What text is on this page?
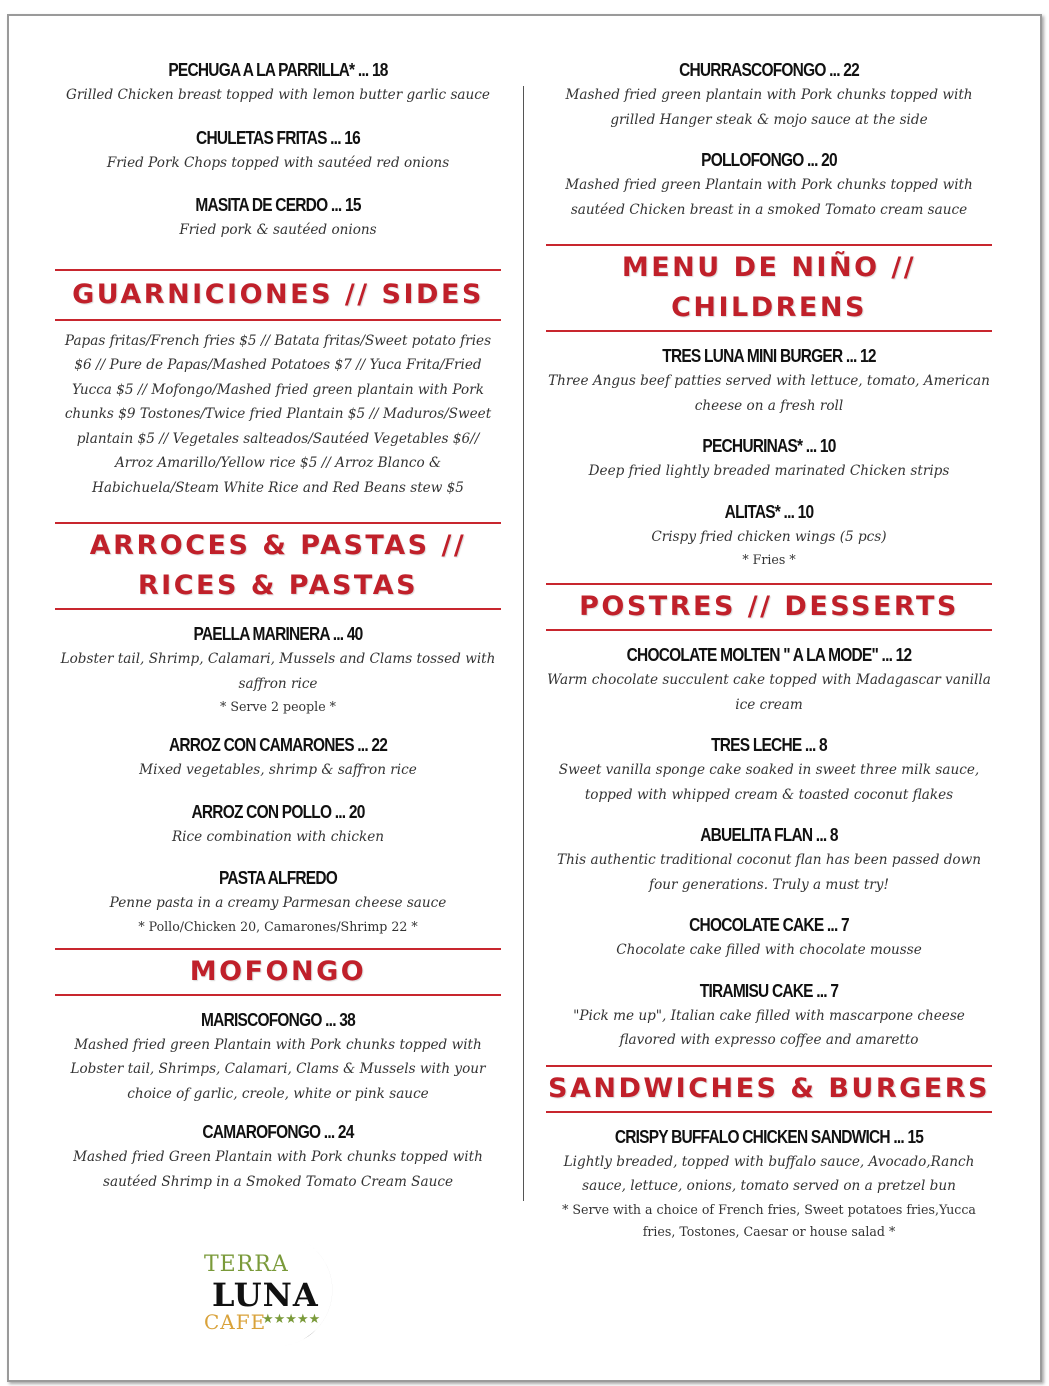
PECHUGA A LA PARRILLA* ... 18
Grilled Chicken breast topped with lemon butter garlic sauce
CHULETAS FRITAS ... 16
Fried Pork Chops topped with sautéed red onions
MASITA DE CERDO ... 15
Fried pork & sautéed onions
GUARNICIONES // SIDES
Papas fritas/French fries $5 // Batata fritas/Sweet potato fries $6 // Pure de Papas/Mashed Potatoes $7 // Yuca Frita/Fried Yucca $5 // Mofongo/Mashed fried green plantain with Pork chunks $9 Tostones/Twice fried Plantain $5 // Maduros/Sweet plantain $5 // Vegetales salteados/Sautéed Vegetables $6// Arroz Amarillo/Yellow rice $5 // Arroz Blanco & Habichuela/Steam White Rice and Red Beans stew $5
ARROCES & PASTAS // RICES & PASTAS
PAELLA MARINERA ... 40
Lobster tail, Shrimp, Calamari, Mussels and Clams tossed with saffron rice
* Serve 2 people *
ARROZ CON CAMARONES ... 22
Mixed vegetables, shrimp & saffron rice
ARROZ CON POLLO ... 20
Rice combination with chicken
PASTA ALFREDO
Penne pasta in a creamy Parmesan cheese sauce
* Pollo/Chicken 20, Camarones/Shrimp 22 *
MOFONGO
MARISCOFONGO ... 38
Mashed fried green Plantain with Pork chunks topped with Lobster tail, Shrimps, Calamari, Clams & Mussels with your choice of garlic, creole, white or pink sauce
CAMAROFONGO ... 24
Mashed fried Green Plantain with Pork chunks topped with sautéed Shrimp in a Smoked Tomato Cream Sauce
CHURRASCOFONGO ... 22
Mashed fried green plantain with Pork chunks topped with grilled Hanger steak & mojo sauce at the side
POLLOFONGO ... 20
Mashed fried green Plantain with Pork chunks topped with sautéed Chicken breast in a smoked Tomato cream sauce
MENU DE NIÑO // CHILDRENS
TRES LUNA MINI BURGER ... 12
Three Angus beef patties served with lettuce, tomato, American cheese on a fresh roll
PECHURINAS* ... 10
Deep fried lightly breaded marinated Chicken strips
ALITAS* ... 10
Crispy fried chicken wings (5 pcs)
* Fries *
POSTRES // DESSERTS
CHOCOLATE MOLTEN " A LA MODE" ... 12
Warm chocolate succulent cake topped with Madagascar vanilla ice cream
TRES LECHE ... 8
Sweet vanilla sponge cake soaked in sweet three milk sauce, topped with whipped cream & toasted coconut flakes
ABUELITA FLAN ... 8
This authentic traditional coconut flan has been passed down four generations. Truly a must try!
CHOCOLATE CAKE ... 7
Chocolate cake filled with chocolate mousse
TIRAMISU CAKE ... 7
"Pick me up", Italian cake filled with mascarpone cheese flavored with expresso coffee and amaretto
SANDWICHES & BURGERS
CRISPY BUFFALO CHICKEN SANDWICH ... 15
Lightly breaded, topped with buffalo sauce, Avocado,Ranch sauce, lettuce, onions, tomato served on a pretzel bun
* Serve with a choice of French fries, Sweet potatoes fries,Yucca fries, Tostones, Caesar or house salad *
TERRA
LUNA
CAFE
★★★★★
